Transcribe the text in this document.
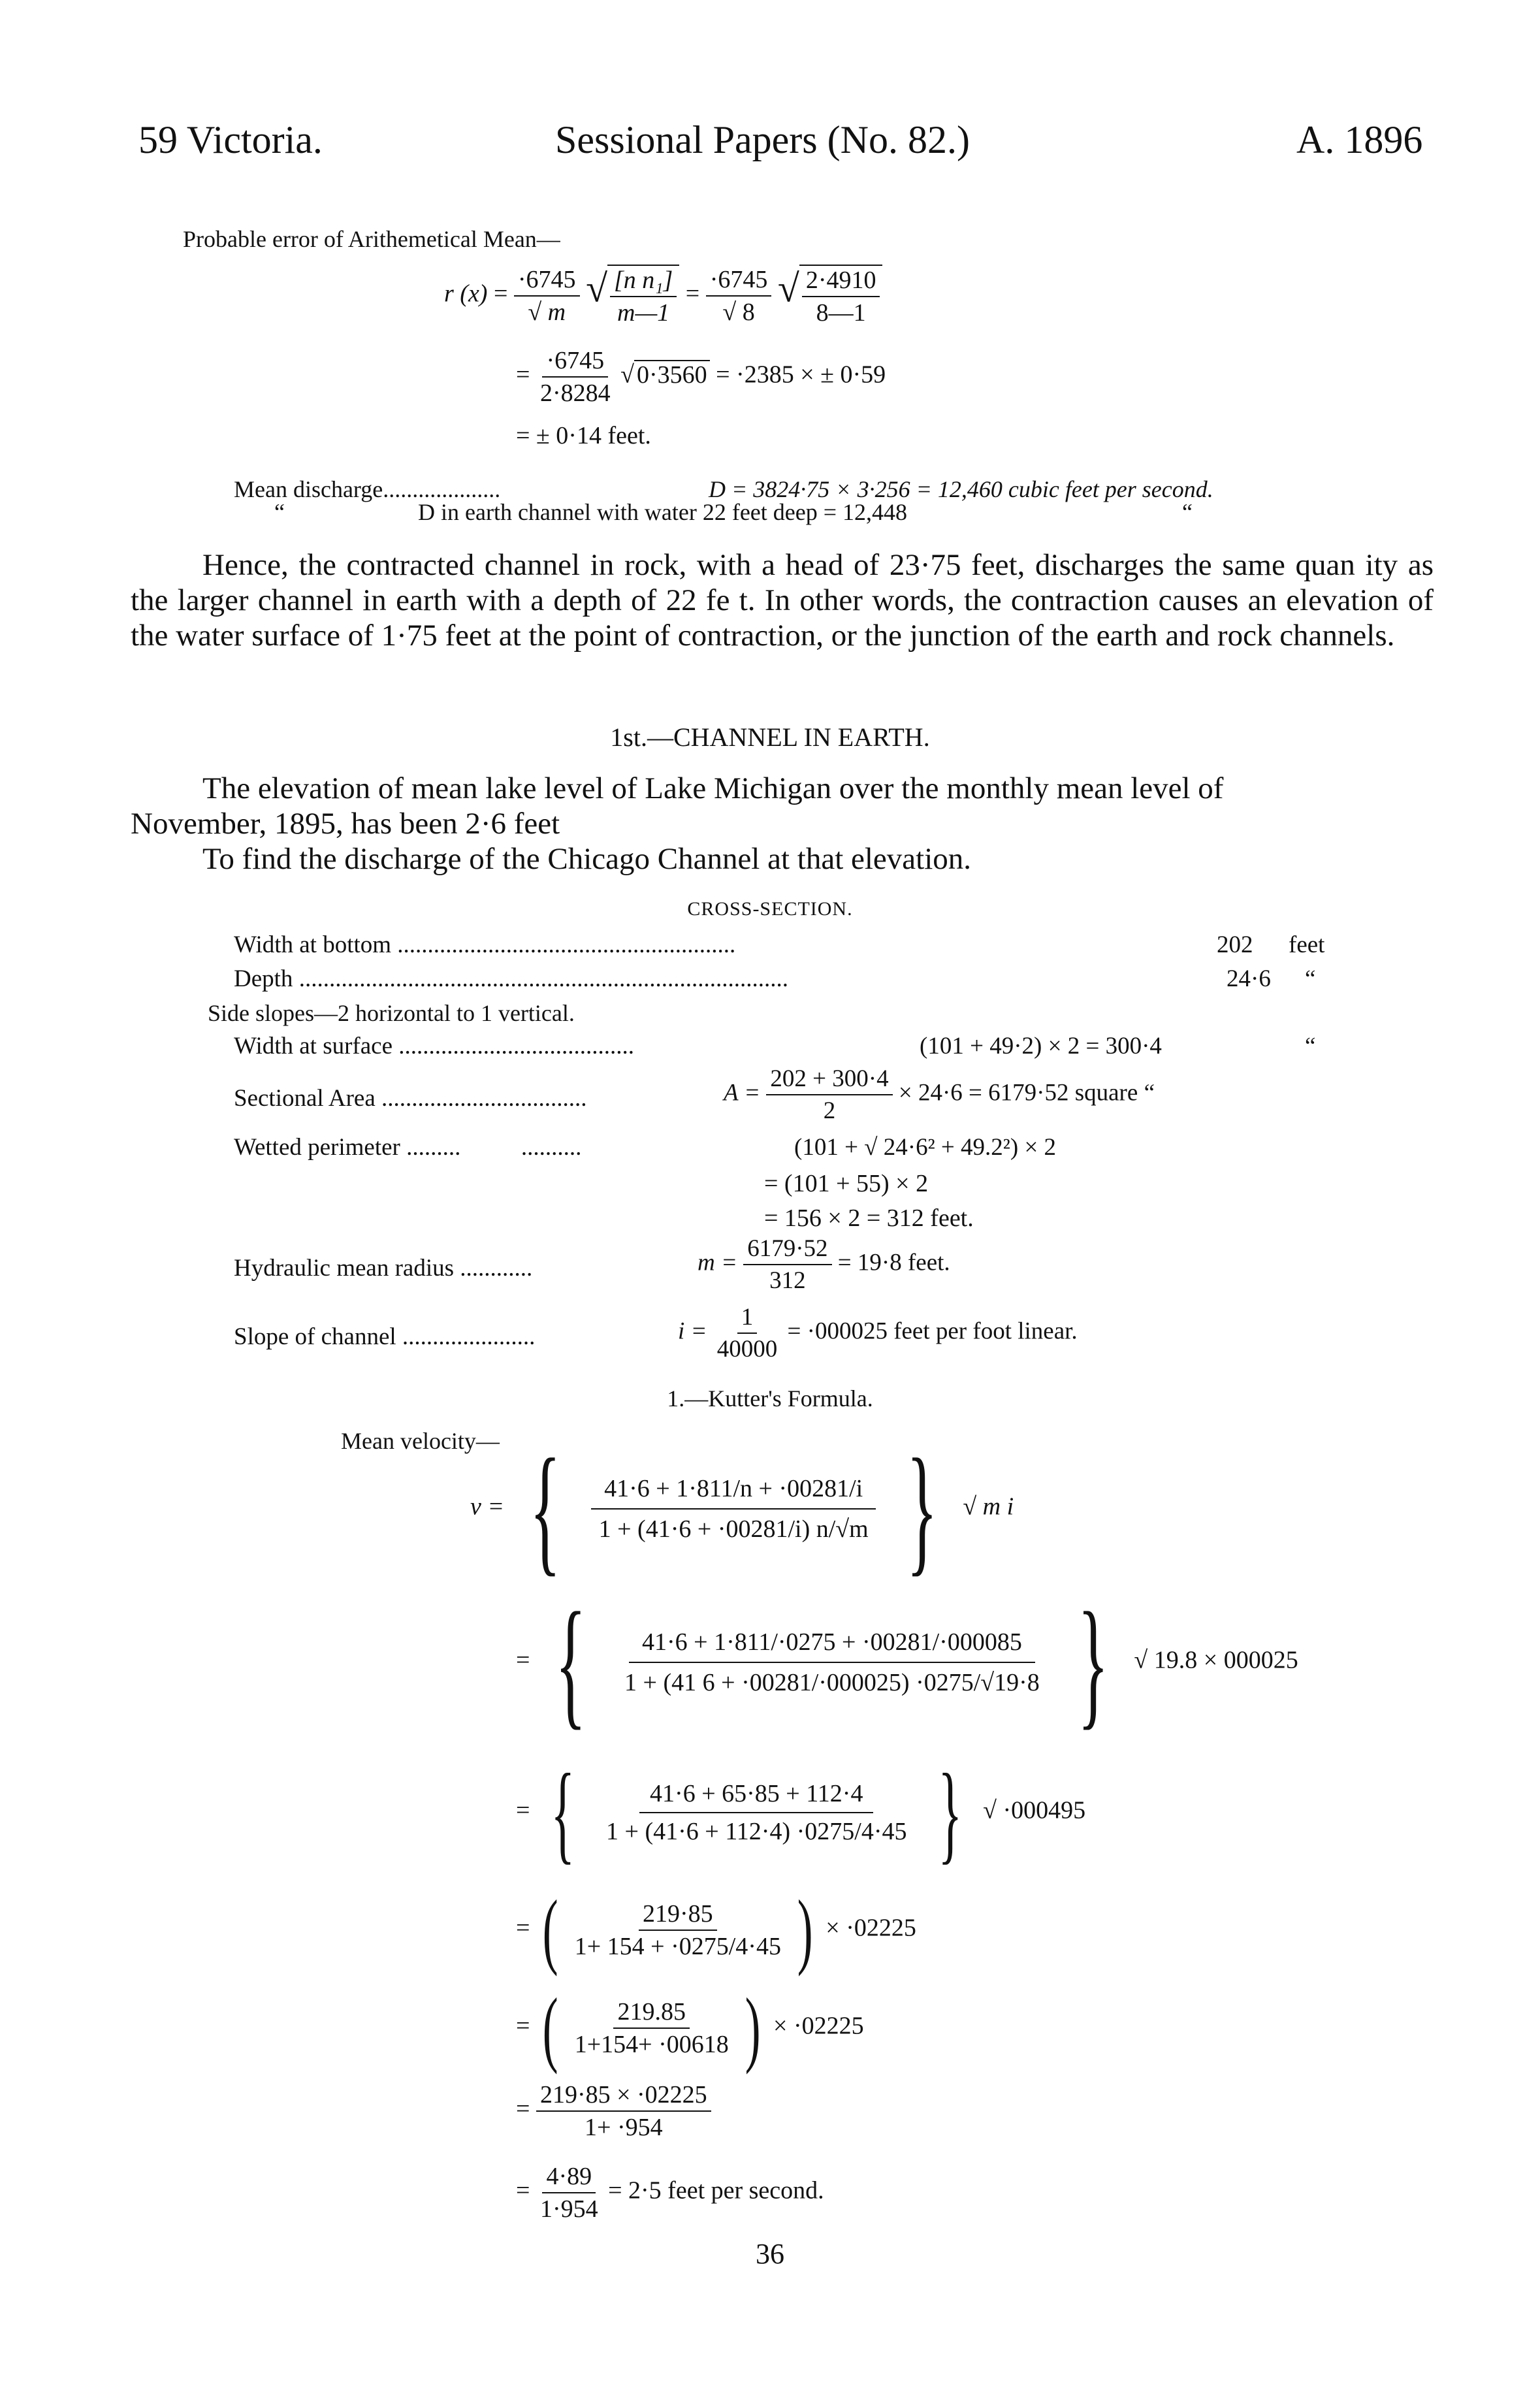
59 Victoria.	Sessional Papers (No. 82.)	A. 1896
Probable error of Arithemetical Mean—
r $(x) = \frac{\cdot 6745}{√ m}$ √ $\frac{\text{[n n₁]}}{m—1} = \frac{\cdot 6745}{√ 8}$ √ $\frac{2\cdot 4910}{8—1}$
= $\frac{\cdot 6745}{2\cdot 8284}$ √ 0·3560 = ·2385 × ± 0·59
= ± 0·14 feet.
Mean discharge....................	D = 3824·75 × 3·256 = 12,460 cubic feet per second.
“	D in earth channel with water 22 feet deep = 12,448	“
Hence, the contracted channel in rock, with a head of 23·75 feet, discharges the same quan ity as the larger channel in earth with a depth of 22 fe t. In other words, the contraction causes an elevation of the water surface of 1·75 feet at the point of contraction, or the junction of the earth and rock channels.
1st.—CHANNEL IN EARTH.
The elevation of mean lake level of Lake Michigan over the monthly mean level of
November, 1895, has been 2·6 feet
To find the discharge of the Chicago Channel at that elevation.
CROSS-SECTION.
Width at bottom ........................................................	202 feet
Depth .................................................................................	24·6 “
Side slopes—2 horizontal to 1 vertical.
Width at surface .......................................	(101 + 49·2) × 2 = 300·4	“
Sectional Area ..................................	$A = \frac{202 + 300\cdot 4}{2} \times 24\cdot 6 = 6179\cdot 52$ square “
Wetted perimeter .........          ..........	(101 + √ 24·6² + 49.2²) × 2
= (101 + 55) × 2
= 156 × 2 = 312 feet.
Hydraulic mean radius ............	$m = \frac{6179\cdot 52}{312} = 19\cdot 8$ feet.
Slope of channel ......................	$i = \frac{1}{40000} = \cdot 000025$ feet per foot linear.
1.—Kutter's Formula.
Mean velocity—
v = { $\frac{41\cdot 6 + 1\cdot 811/n + \cdot 00281/i}{1 + (41\cdot 6 + \cdot 00281/i) n/√m}$ } √ m i
= { $\frac{41\cdot 6 + 1\cdot 811/\cdot 0275 + \cdot 00281/\cdot 000085}{1 + (41 6 + \cdot 00281/\cdot 000025) \cdot 0275/√19\cdot 8}$ } √ 19.8 × 000025
= { $\frac{41\cdot 6 + 65\cdot 85 + 112\cdot 4}{1 + (41\cdot 6 + 112\cdot 4) \cdot 0275/4\cdot 45}$ } √ ·000495
= ( $\frac{219\cdot 85}{1+ 154 + \cdot 0275/4\cdot 45}$ ) × ·02225
= ( $\frac{219.85}{1+154+ \cdot 00618}$ ) × ·02225
= $\frac{219\cdot 85 \times \cdot 02225}{1+ \cdot 954}$
= $\frac{4\cdot 89}{1\cdot 954} = 2\cdot 5$ feet per second.
36
